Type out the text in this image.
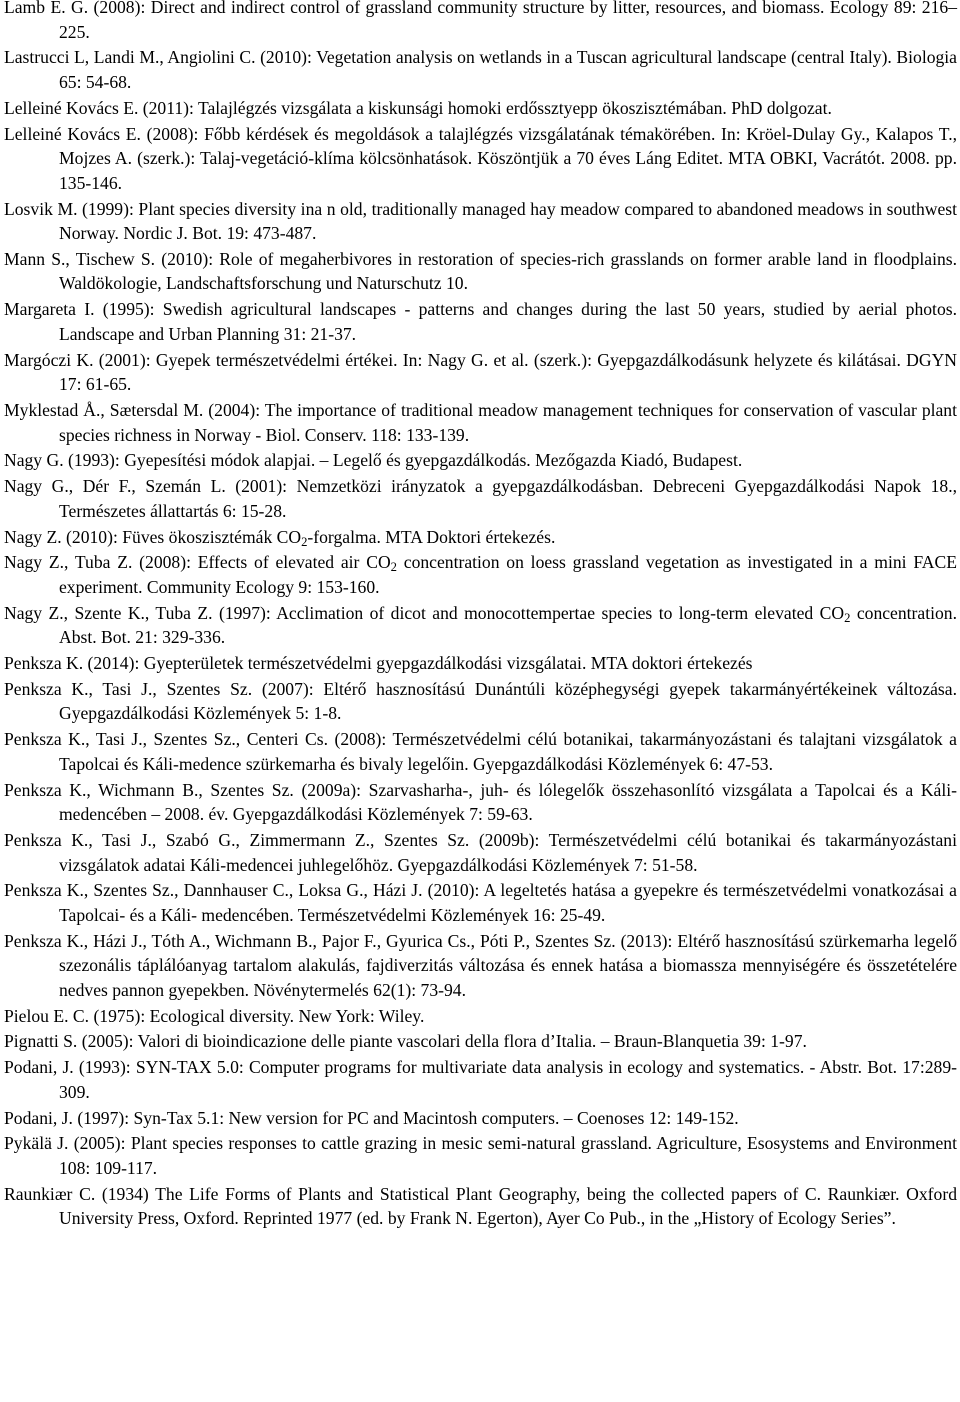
Lamb E. G. (2008): Direct and indirect control of grassland community structure by litter, resources, and biomass. Ecology 89: 216–225.

Lastrucci L, Landi M., Angiolini C. (2010): Vegetation analysis on wetlands in a Tuscan agricultural landscape (central Italy). Biologia 65: 54-68.

Lelleiné Kovács E. (2011): Talajlégzés vizsgálata a kiskunsági homoki erdőssztyepp ökoszisztémában. PhD dolgozat.

Lelleiné Kovács E. (2008): Főbb kérdések és megoldások a talajlégzés vizsgálatának témakörében. In: Kröel-Dulay Gy., Kalapos T., Mojzes A. (szerk.): Talaj-vegetáció-klíma kölcsönhatások. Köszöntjük a 70 éves Láng Editet. MTA OBKI, Vacrátót. 2008. pp. 135-146.

Losvik M. (1999): Plant species diversity ina n old, traditionally managed hay meadow compared to abandoned meadows in southwest Norway. Nordic J. Bot. 19: 473-487.

Mann S., Tischew S. (2010): Role of megaherbivores in restoration of species-rich grasslands on former arable land in floodplains. Waldökologie, Landschaftsforschung und Naturschutz 10.

Margareta I. (1995): Swedish agricultural landscapes - patterns and changes during the last 50 years, studied by aerial photos. Landscape and Urban Planning 31: 21-37.

Margóczi K. (2001): Gyepek természetvédelmi értékei. In: Nagy G. et al. (szerk.): Gyepgazdálkodásunk helyzete és kilátásai. DGYN 17: 61-65.

Myklestad Å., Sætersdal M. (2004): The importance of traditional meadow management techniques for conservation of vascular plant species richness in Norway - Biol. Conserv. 118: 133-139.

Nagy G. (1993): Gyepesítési módok alapjai. – Legelő és gyepgazdálkodás. Mezőgazda Kiadó, Budapest.

Nagy G., Dér F., Szemán L. (2001): Nemzetközi irányzatok a gyepgazdálkodásban. Debreceni Gyepgazdálkodási Napok 18., Természetes állattartás 6: 15-28.

Nagy Z. (2010): Füves ökoszisztémák $CO_2$-forgalma. MTA Doktori értekezés.

Nagy Z., Tuba Z. (2008): Effects of elevated air $CO_2$ concentration on loess grassland vegetation as investigated in a mini FACE experiment. Community Ecology 9: 153-160.

Nagy Z., Szente K., Tuba Z. (1997): Acclimation of dicot and monocottempertae species to long-term elevated $CO_2$ concentration. Abst. Bot. 21: 329-336.

Penksza K. (2014): Gyepterületek természetvédelmi gyepgazdálkodási vizsgálatai. MTA doktori értekezés

Penksza K., Tasi J., Szentes Sz. (2007): Eltérő hasznosítású Dunántúli középhegységi gyepek takarmányértékeinek változása. Gyepgazdálkodási Közlemények 5: 1-8.

Penksza K., Tasi J., Szentes Sz., Centeri Cs. (2008): Természetvédelmi célú botanikai, takarmányozástani és talajtani vizsgálatok a Tapolcai és Káli-medence szürkemarha és bivaly legelőin. Gyepgazdálkodási Közlemények 6: 47-53.

Penksza K., Wichmann B., Szentes Sz. (2009a): Szarvasharha-, juh- és lólegelők összehasonlító vizsgálata a Tapolcai és a Káli-medencében – 2008. év. Gyepgazdálkodási Közlemények 7: 59-63.

Penksza K., Tasi J., Szabó G., Zimmermann Z., Szentes Sz. (2009b): Természetvédelmi célú botanikai és takarmányozástani vizsgálatok adatai Káli-medencei juhlegelőhöz. Gyepgazdálkodási Közlemények 7: 51-58.

Penksza K., Szentes Sz., Dannhauser C., Loksa G., Házi J. (2010): A legeltetés hatása a gyepekre és természetvédelmi vonatkozásai a Tapolcai- és a Káli- medencében. Természetvédelmi Közlemények 16: 25-49.

Penksza K., Házi J., Tóth A., Wichmann B., Pajor F., Gyurica Cs., Póti P., Szentes Sz. (2013): Eltérő hasznosítású szürkemarha legelő szezonális táplálóanyag tartalom alakulás, fajdiverzitás változása és ennek hatása a biomassza mennyiségére és összetételére nedves pannon gyepekben. Növénytermelés 62(1): 73-94.

Pielou E. C. (1975): Ecological diversity. New York: Wiley.

Pignatti S. (2005): Valori di bioindicazione delle piante vascolari della flora d’Italia. – Braun-Blanquetia 39: 1-97.

Podani, J. (1993): SYN-TAX 5.0: Computer programs for multivariate data analysis in ecology and systematics. - Abstr. Bot. 17:289-309.

Podani, J. (1997): Syn-Tax 5.1: New version for PC and Macintosh computers. – Coenoses 12: 149-152.

Pykälä J. (2005): Plant species responses to cattle grazing in mesic semi-natural grassland. Agriculture, Esosystems and Environment 108: 109-117.

Raunkiær C. (1934) The Life Forms of Plants and Statistical Plant Geography, being the collected papers of C. Raunkiær. Oxford University Press, Oxford. Reprinted 1977 (ed. by Frank N. Egerton), Ayer Co Pub., in the „History of Ecology Series”.
